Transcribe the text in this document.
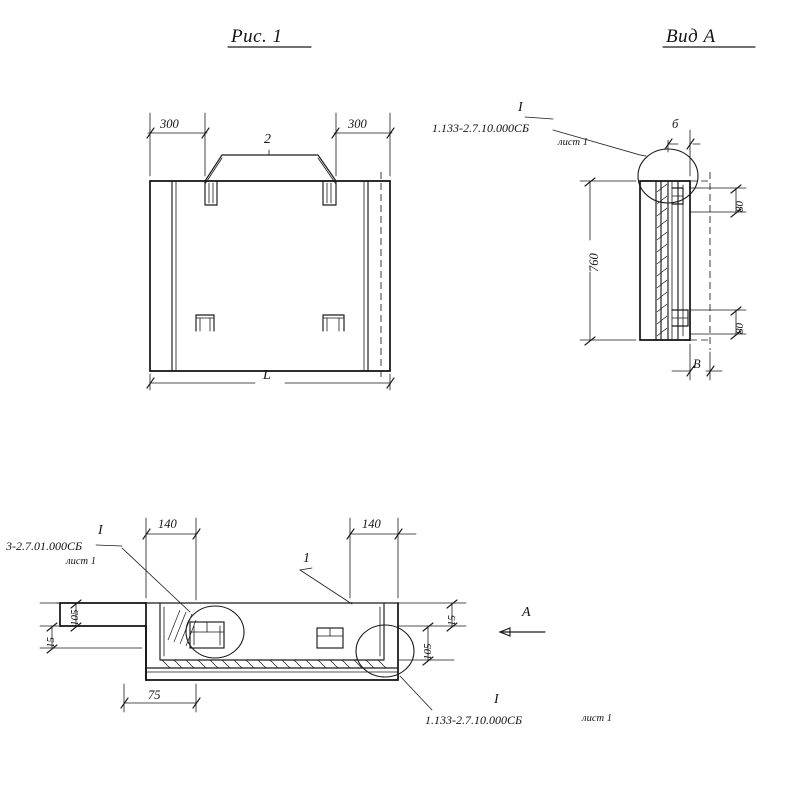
Рис. 1	Вид А
300	300
2
L
I
1.133-2.7.10.000СБ
лист 1
б
760
80
80
В
I
3-2.7.01.000СБ
лист 1
I
1.133-2.7.10.000СБ	лист 1
140	140
1
105
15
15
105
75
А
